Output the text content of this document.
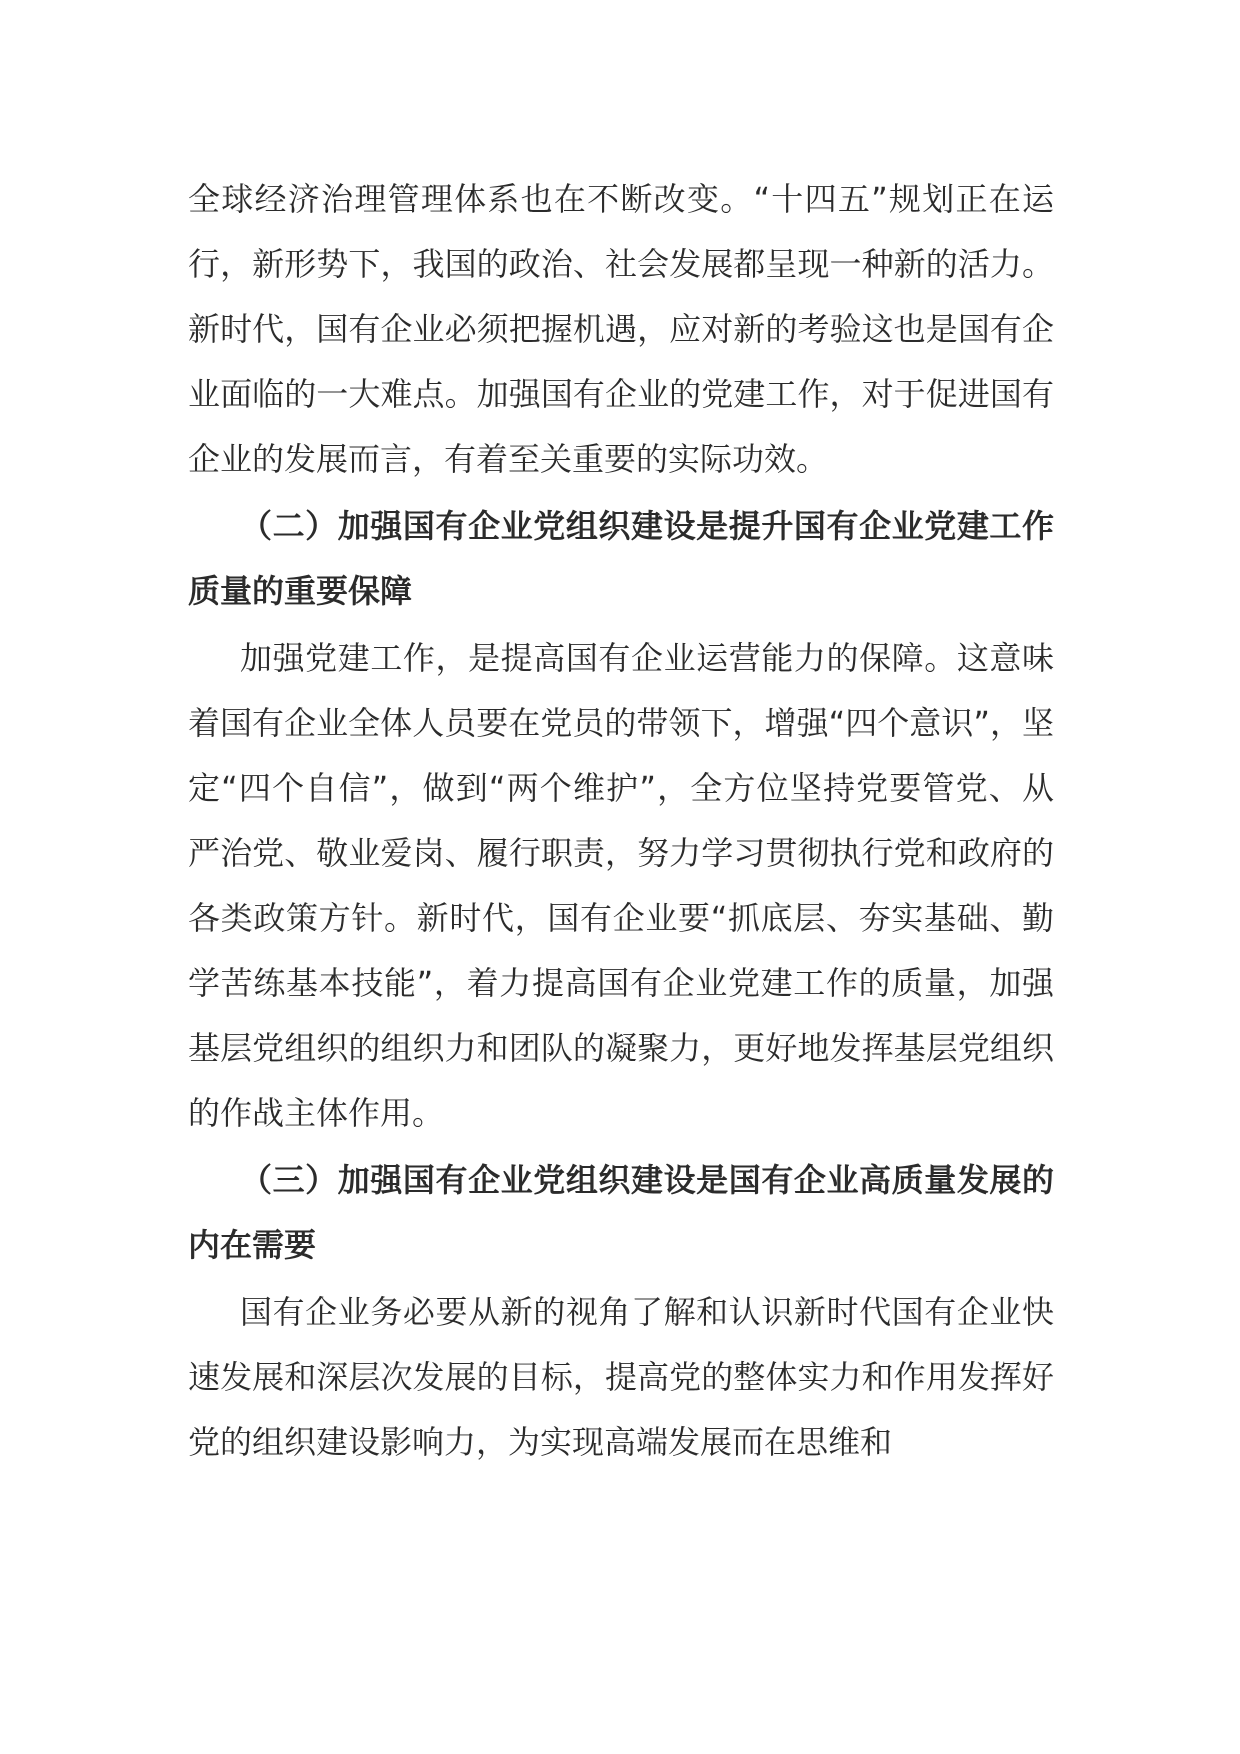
全球经济治理管理体系也在不断改变。“十四五”规划正在运行，新形势下，我国的政治、社会发展都呈现一种新的活力。新时代，国有企业必须把握机遇，应对新的考验这也是国有企业面临的一大难点。加强国有企业的党建工作，对于促进国有企业的发展而言，有着至关重要的实际功效。

（二）加强国有企业党组织建设是提升国有企业党建工作质量的重要保障

加强党建工作，是提高国有企业运营能力的保障。这意味着国有企业全体人员要在党员的带领下，增强“四个意识”，坚定“四个自信”，做到“两个维护”，全方位坚持党要管党、从严治党、敬业爱岗、履行职责，努力学习贯彻执行党和政府的各类政策方针。新时代，国有企业要“抓底层、夯实基础、勤学苦练基本技能”，着力提高国有企业党建工作的质量，加强基层党组织的组织力和团队的凝聚力，更好地发挥基层党组织的作战主体作用。

（三）加强国有企业党组织建设是国有企业高质量发展的内在需要

国有企业务必要从新的视角了解和认识新时代国有企业快速发展和深层次发展的目标，提高党的整体实力和作用发挥好党的组织建设影响力，为实现高端发展而在思维和
